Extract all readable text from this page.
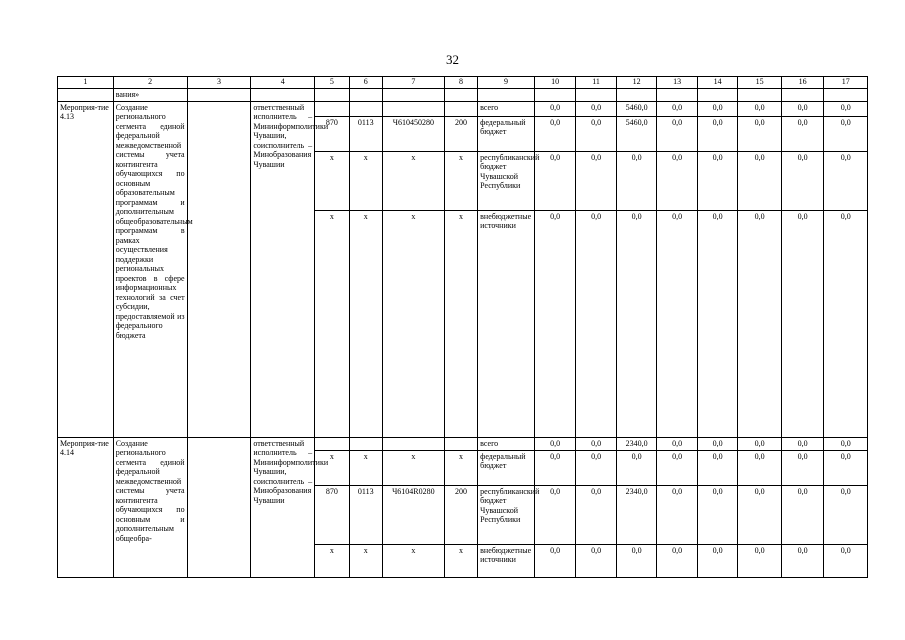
32
1	2	3	4	5	6	7	8	9	10	11	12	13	14	15	16	17
	вания»															
Мероприя-тие 4.13	Создание регионального сегмента единой федеральной межведомственной системы учета контингента обучающихся по основным образовательным программам и дополнительным общеобразовательным программам в рамках осуществления поддержки региональных проектов в сфере информационных технологий за счет субсидии, предоставляемой из федерального бюджета		ответственный исполнитель – Мининформполитики Чувашии, соисполнитель – Минобразования Чувашии					всего	0,0	0,0	5460,0	0,0	0,0	0,0	0,0	0,0
				870	0113	Ч610450280	200	федеральный бюджет	0,0	0,0	5460,0	0,0	0,0	0,0	0,0	0,0
				x	x	x	x	республиканский бюджет Чувашской Республики	0,0	0,0	0,0	0,0	0,0	0,0	0,0	0,0
				x	x	x	x	внебюджетные источники	0,0	0,0	0,0	0,0	0,0	0,0	0,0	0,0
Мероприя-тие 4.14	Создание регионального сегмента единой федеральной межведомственной системы учета контингента обучающихся по основным и дополнительным общеобра-		ответственный исполнитель – Мининформполитики Чувашии, соисполнитель – Минобразования Чувашии					всего	0,0	0,0	2340,0	0,0	0,0	0,0	0,0	0,0
				x	x	x	x	федеральный бюджет	0,0	0,0	0,0	0,0	0,0	0,0	0,0	0,0
				870	0113	Ч6104R0280	200	республиканский бюджет Чувашской Республики	0,0	0,0	2340,0	0,0	0,0	0,0	0,0	0,0
				x	x	x	x	внебюджетные источники	0,0	0,0	0,0	0,0	0,0	0,0	0,0	0,0
